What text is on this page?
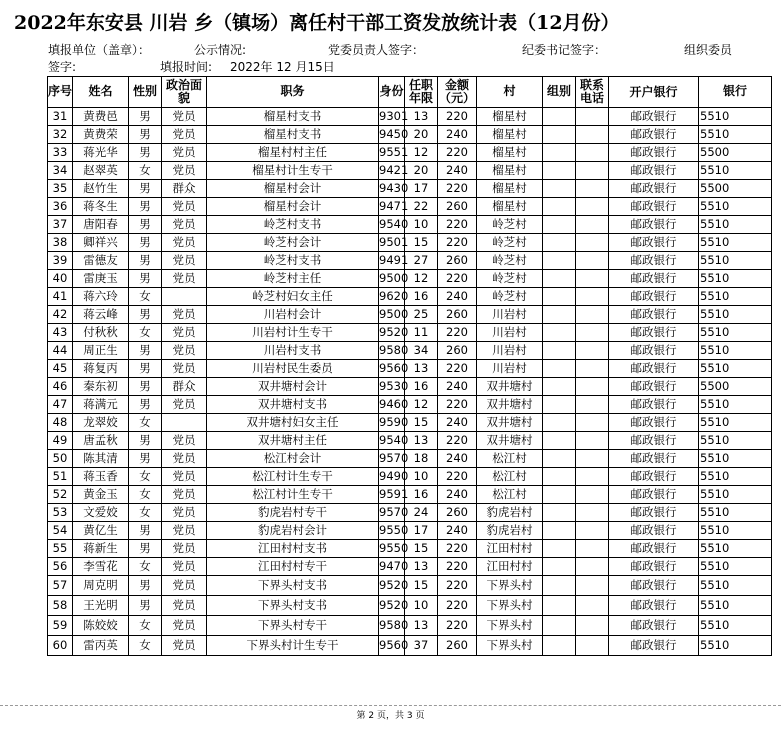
2022年东安县 川岩 乡（镇场）离任村干部工资发放统计表（12月份）
填报单位（盖章）：	公示情况:	党委员责人签字：	纪委书记签字：	组织委员
签字:	填报时间: 2022年 12 月15日
序号	姓名	性别	政治面貌	职务	身份	任职年限	金额（元）	村	组别	联系电话	开户银行	银行
31	黄费邑	男	党员	榴星村支书	9301	13	220	榴星村			邮政银行	5510
32	黄费荣	男	党员	榴星村支书	9450	20	240	榴星村			邮政银行	5510
33	蒋光华	男	党员	榴星村村主任	9551	12	220	榴星村			邮政银行	5500
34	赵翠英	女	党员	榴星村计生专干	9421	20	240	榴星村			邮政银行	5510
35	赵竹生	男	群众	榴星村会计	9430	17	220	榴星村			邮政银行	5500
36	蒋冬生	男	党员	榴星村会计	9471	22	260	榴星村			邮政银行	5510
37	唐阳春	男	党员	岭芝村支书	9540	10	220	岭芝村			邮政银行	5510
38	卿祥兴	男	党员	岭芝村会计	9501	15	220	岭芝村			邮政银行	5510
39	雷德友	男	党员	岭芝村支书	9491	27	260	岭芝村			邮政银行	5510
40	雷庚玉	男	党员	岭芝村主任	9500	12	220	岭芝村			邮政银行	5510
41	蒋六玲	女		岭芝村妇女主任	9620	16	240	岭芝村			邮政银行	5510
42	蒋云峰	男	党员	川岩村会计	9500	25	260	川岩村			邮政银行	5510
43	付秋秋	女	党员	川岩村计生专干	9520	11	220	川岩村			邮政银行	5510
44	周正生	男	党员	川岩村支书	9580	34	260	川岩村			邮政银行	5510
45	蒋复丙	男	党员	川岩村民生委员	9560	13	220	川岩村			邮政银行	5510
46	秦东初	男	群众	双井塘村会计	9530	16	240	双井塘村			邮政银行	5500
47	蒋满元	男	党员	双井塘村支书	9460	12	220	双井塘村			邮政银行	5510
48	龙翠姣	女		双井塘村妇女主任	9590	15	240	双井塘村			邮政银行	5510
49	唐孟秋	男	党员	双井塘村主任	9540	13	220	双井塘村			邮政银行	5510
50	陈其清	男	党员	松江村会计	9570	18	240	松江村			邮政银行	5510
51	蒋玉香	女	党员	松江村计生专干	9490	10	220	松江村			邮政银行	5510
52	黄金玉	女	党员	松江村计生专干	9591	16	240	松江村			邮政银行	5510
53	文爱姣	女	党员	豹虎岩村专干	9570	24	260	豹虎岩村			邮政银行	5510
54	黄亿生	男	党员	豹虎岩村会计	9550	17	240	豹虎岩村			邮政银行	5510
55	蒋新生	男	党员	江田村村支书	9550	15	220	江田村村			邮政银行	5510
56	李雪花	女	党员	江田村村专干	9470	13	220	江田村村			邮政银行	5510
57	周克明	男	党员	下界头村支书	9520	15	220	下界头村			邮政银行	5510
58	王光明	男	党员	下界头村支书	9520	10	220	下界头村			邮政银行	5510
59	陈姣姣	女	党员	下界头村专干	9580	13	220	下界头村			邮政银行	5510
60	雷丙英	女	党员	下界头村计生专干	9560	37	260	下界头村			邮政银行	5510
第 2 页，共 3 页
